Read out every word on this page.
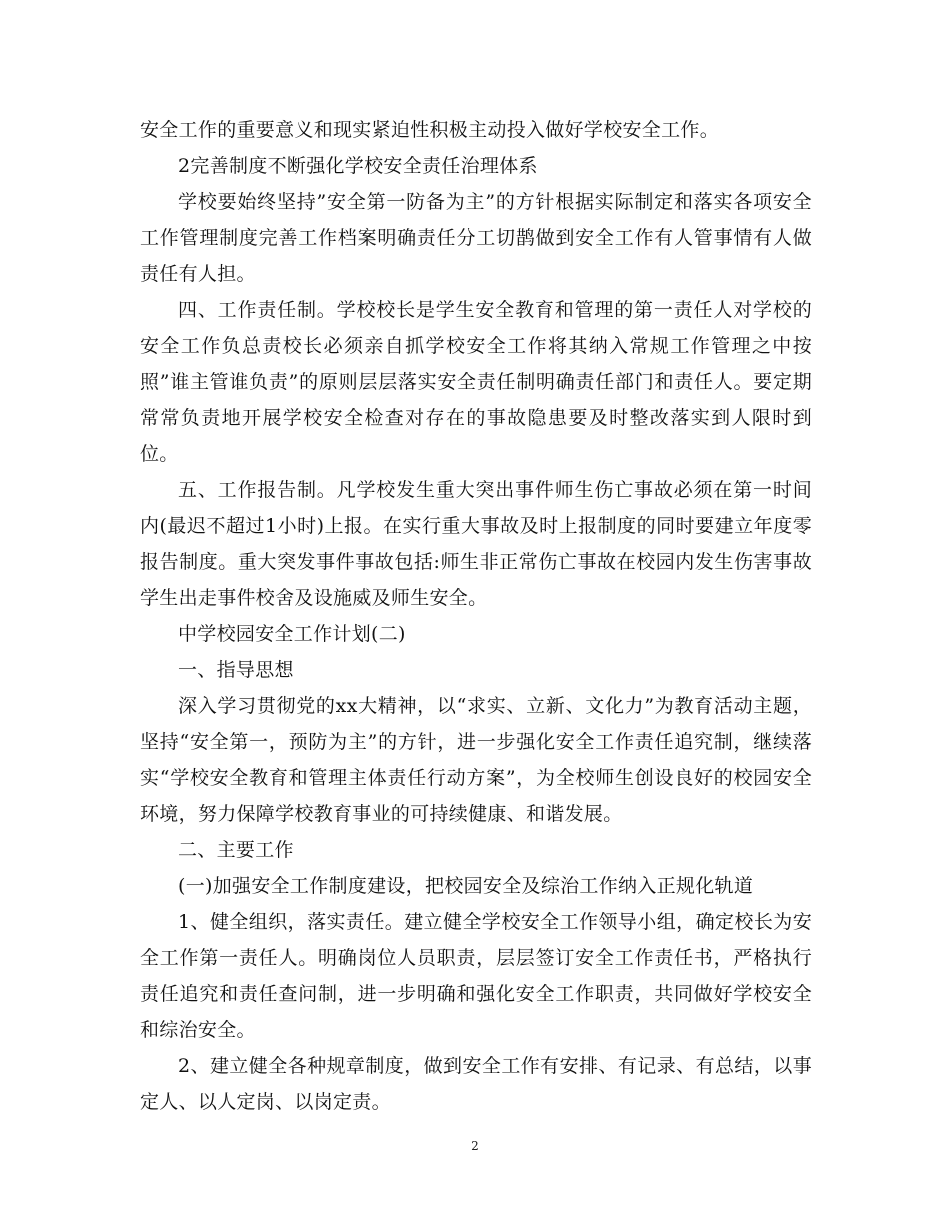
安全工作的重要意义和现实紧迫性积极主动投入做好学校安全工作。

2完善制度不断强化学校安全责任治理体系

学校要始终坚持”安全第一防备为主”的方针根据实际制定和落实各项安全工作管理制度完善工作档案明确责任分工切鹊做到安全工作有人管事情有人做责任有人担。

四、工作责任制。学校校长是学生安全教育和管理的第一责任人对学校的安全工作负总责校长必须亲自抓学校安全工作将其纳入常规工作管理之中按照”谁主管谁负责”的原则层层落实安全责任制明确责任部门和责任人。要定期常常负责地开展学校安全检查对存在的事故隐患要及时整改落实到人限时到位。

五、工作报告制。凡学校发生重大突出事件师生伤亡事故必须在第一时间内(最迟不超过1小时)上报。在实行重大事故及时上报制度的同时要建立年度零报告制度。重大突发事件事故包括:师生非正常伤亡事故在校园内发生伤害事故学生出走事件校舍及设施威及师生安全。

中学校园安全工作计划(二)

一、指导思想

深入学习贯彻党的xx大精神，以“求实、立新、文化力”为教育活动主题，坚持“安全第一，预防为主”的方针，进一步强化安全工作责任追究制，继续落实“学校安全教育和管理主体责任行动方案”，为全校师生创设良好的校园安全环境，努力保障学校教育事业的可持续健康、和谐发展。

二、主要工作

(一)加强安全工作制度建设，把校园安全及综治工作纳入正规化轨道

1、健全组织，落实责任。建立健全学校安全工作领导小组，确定校长为安全工作第一责任人。明确岗位人员职责，层层签订安全工作责任书，严格执行责任追究和责任查问制，进一步明确和强化安全工作职责，共同做好学校安全和综治安全。

2、建立健全各种规章制度，做到安全工作有安排、有记录、有总结，以事定人、以人定岗、以岗定责。

2
